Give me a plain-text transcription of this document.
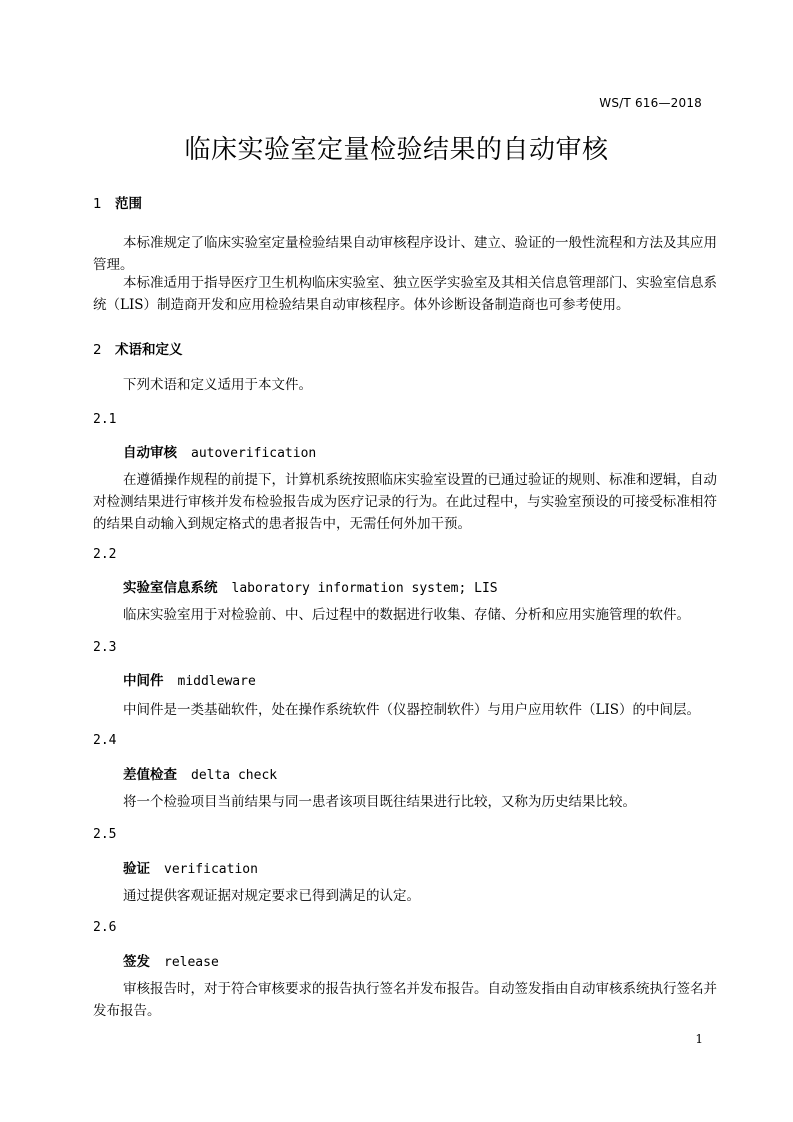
WS/T 616—2018
临床实验室定量检验结果的自动审核
1 范围
本标准规定了临床实验室定量检验结果自动审核程序设计、建立、验证的一般性流程和方法及其应用管理。
本标准适用于指导医疗卫生机构临床实验室、独立医学实验室及其相关信息管理部门、实验室信息系统（LIS）制造商开发和应用检验结果自动审核程序。体外诊断设备制造商也可参考使用。
2 术语和定义
下列术语和定义适用于本文件。
2.1
自动审核 autoverification
在遵循操作规程的前提下，计算机系统按照临床实验室设置的已通过验证的规则、标准和逻辑，自动对检测结果进行审核并发布检验报告成为医疗记录的行为。在此过程中，与实验室预设的可接受标准相符的结果自动输入到规定格式的患者报告中，无需任何外加干预。
2.2
实验室信息系统 laboratory information system; LIS
临床实验室用于对检验前、中、后过程中的数据进行收集、存储、分析和应用实施管理的软件。
2.3
中间件 middleware
中间件是一类基础软件，处在操作系统软件（仪器控制软件）与用户应用软件（LIS）的中间层。
2.4
差值检查 delta check
将一个检验项目当前结果与同一患者该项目既往结果进行比较，又称为历史结果比较。
2.5
验证 verification
通过提供客观证据对规定要求已得到满足的认定。
2.6
签发 release
审核报告时，对于符合审核要求的报告执行签名并发布报告。自动签发指由自动审核系统执行签名并发布报告。
1
